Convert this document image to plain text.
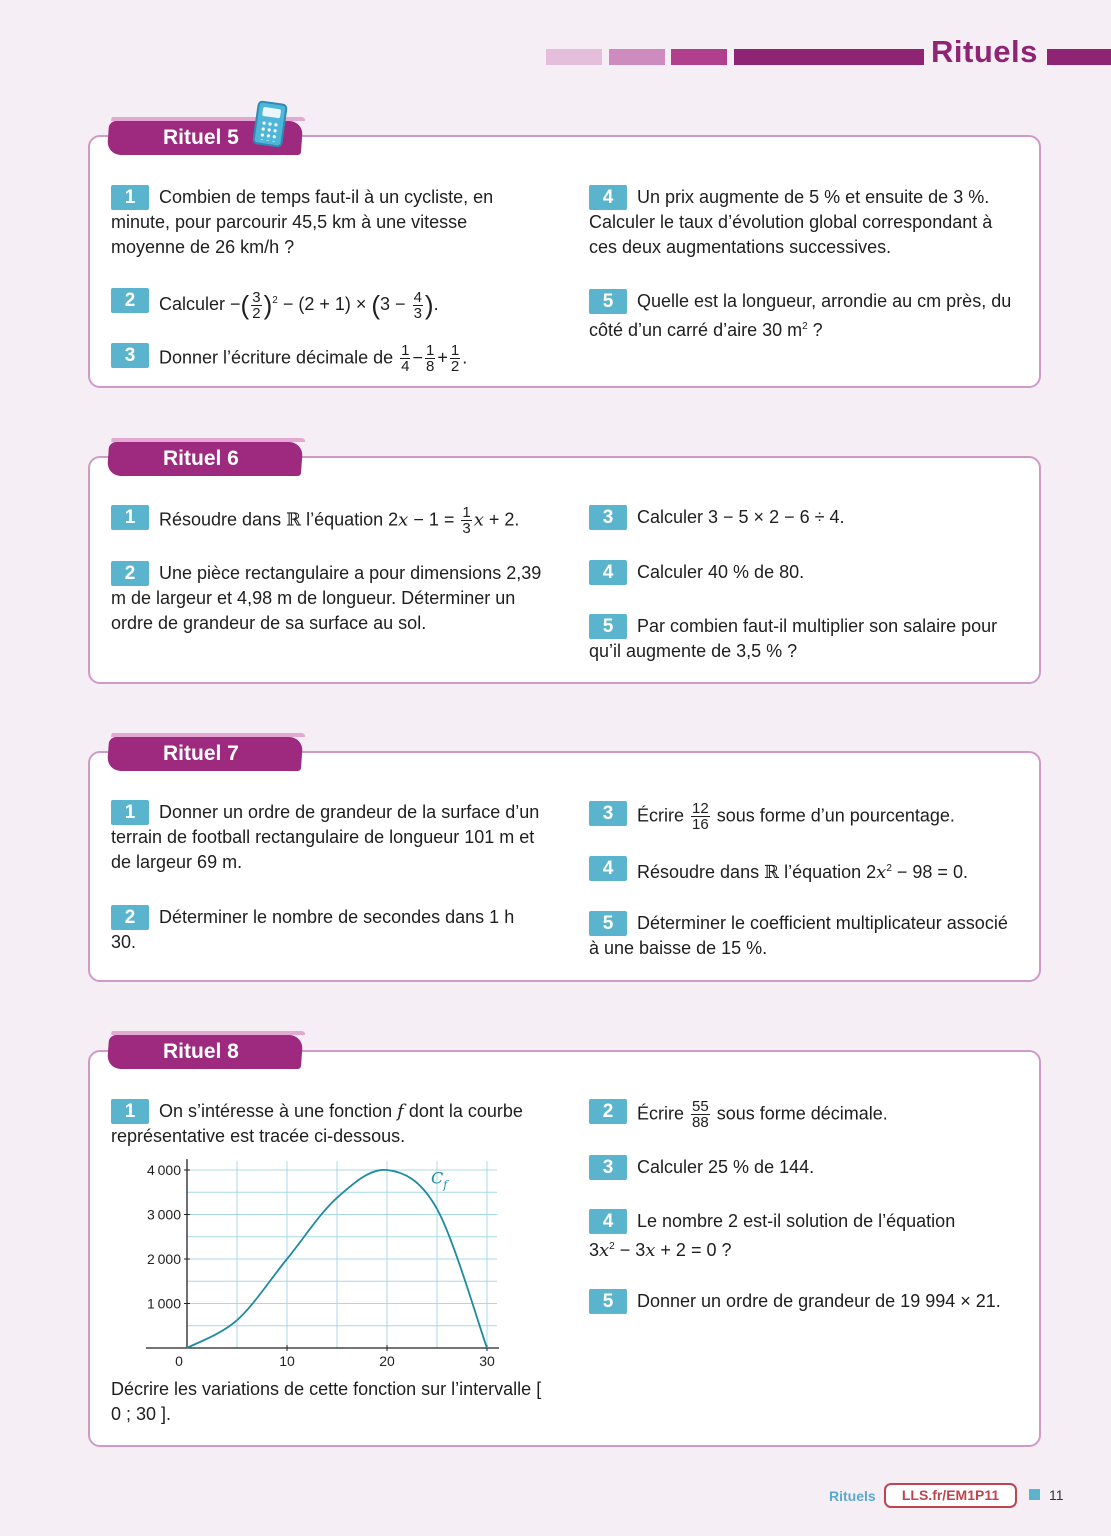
Rituels
Rituel 5
1 Combien de temps faut-il à un cycliste, en minute, pour parcourir 45,5 km à une vitesse moyenne de 26 km/h ?
2 Calculer −( $\frac{3}{2} )^2 - (2 + 1) \times (3 - \frac{4}{3}$ ).
3 Donner l’écriture décimale de $\frac{1}{4} - \frac{1}{8} + \frac{1}{2}$ .
4 Un prix augmente de 5 % et ensuite de 3 %. Calculer le taux d’évolution global correspondant à ces deux augmentations successives.
5 Quelle est la longueur, arrondie au cm près, du côté d’un carré d’aire 30 $m^2$ ?
Rituel 6
1 Résoudre dans ℝ l’équation $2x - 1 = \frac{1}{3}$ x + 2.
2 Une pièce rectangulaire a pour dimensions 2,39 m de largeur et 4,98 m de longueur. Déterminer un ordre de grandeur de sa surface au sol.
3 Calculer 3 − 5 × 2 − 6 ÷ 4.
4 Calculer 40 % de 80.
5 Par combien faut-il multiplier son salaire pour qu’il augmente de 3,5 % ?
Rituel 7
1 Donner un ordre de grandeur de la surface d’un terrain de football rectangulaire de longueur 101 m et de largeur 69 m.
2 Déterminer le nombre de secondes dans 1 h 30.
3 Écrire $\frac{12}{16}$ sous forme d’un pourcentage.
4 Résoudre dans ℝ l’équation $2x^2 - 98 = 0$.
5 Déterminer le coefficient multiplicateur associé à une baisse de 15 %.
Rituel 8
1 On s’intéresse à une fonction f dont la courbe représentative est tracée ci-dessous.
0	10	20	30
1 000
2 000
3 000
4 000	$C_f$
Décrire les variations de cette fonction sur l’intervalle [ 0 ; 30 ].
2 Écrire $\frac{55}{88}$ sous forme décimale.
3 Calculer 25 % de 144.
4 Le nombre 2 est-il solution de l’équation
$3x^2 - 3x + 2 = 0$ ?
5 Donner un ordre de grandeur de 19 994 × 21.
Rituels	LLS.fr/EM1P11	11
